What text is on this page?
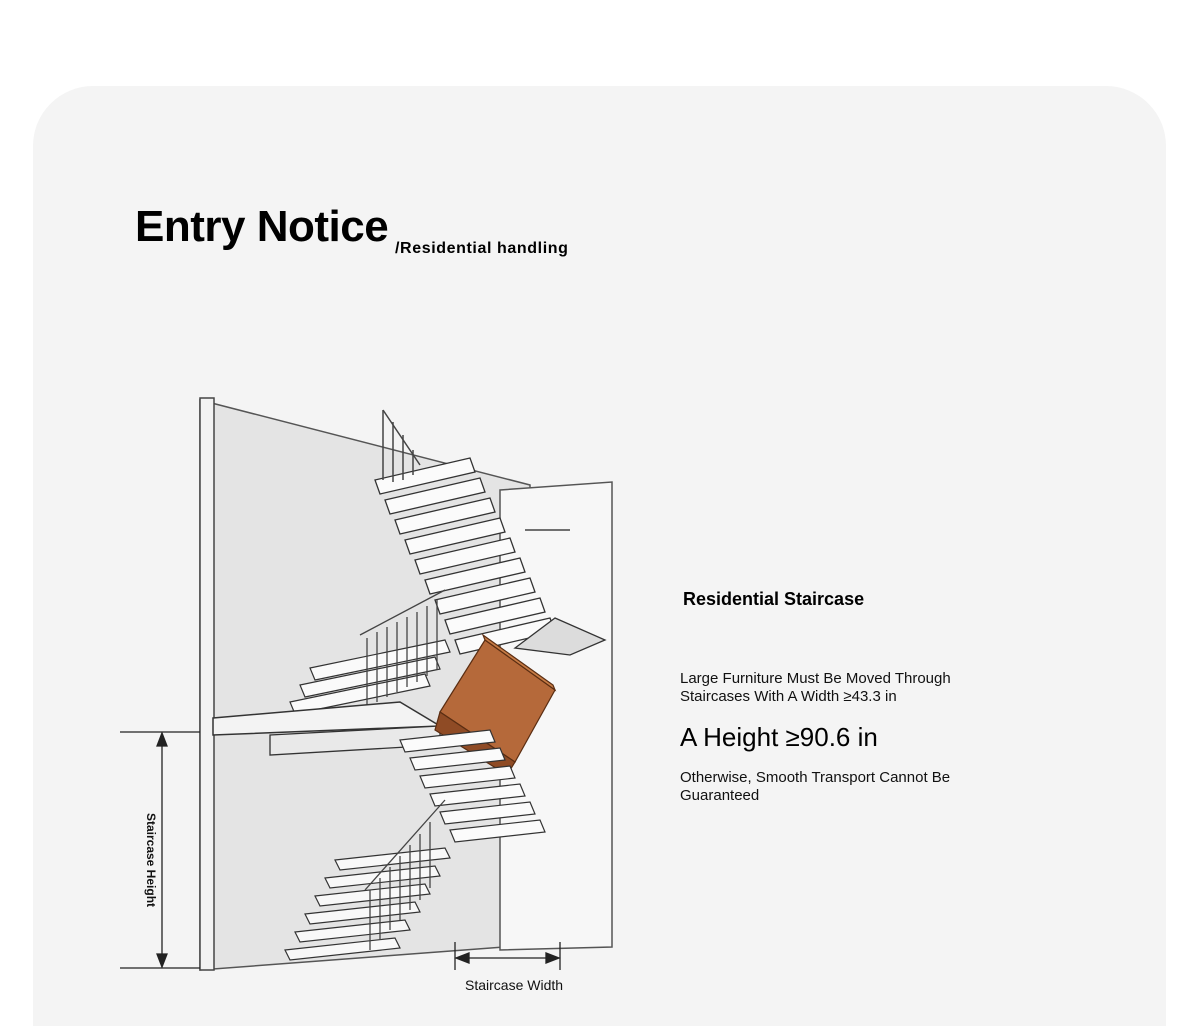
Entry Notice /Residential handling
Staircase Height
Staircase Width
Residential Staircase
Large Furniture Must Be Moved Through
Staircases With A Width ≥43.3 in
A Height ≥90.6 in
Otherwise, Smooth Transport Cannot Be
Guaranteed
